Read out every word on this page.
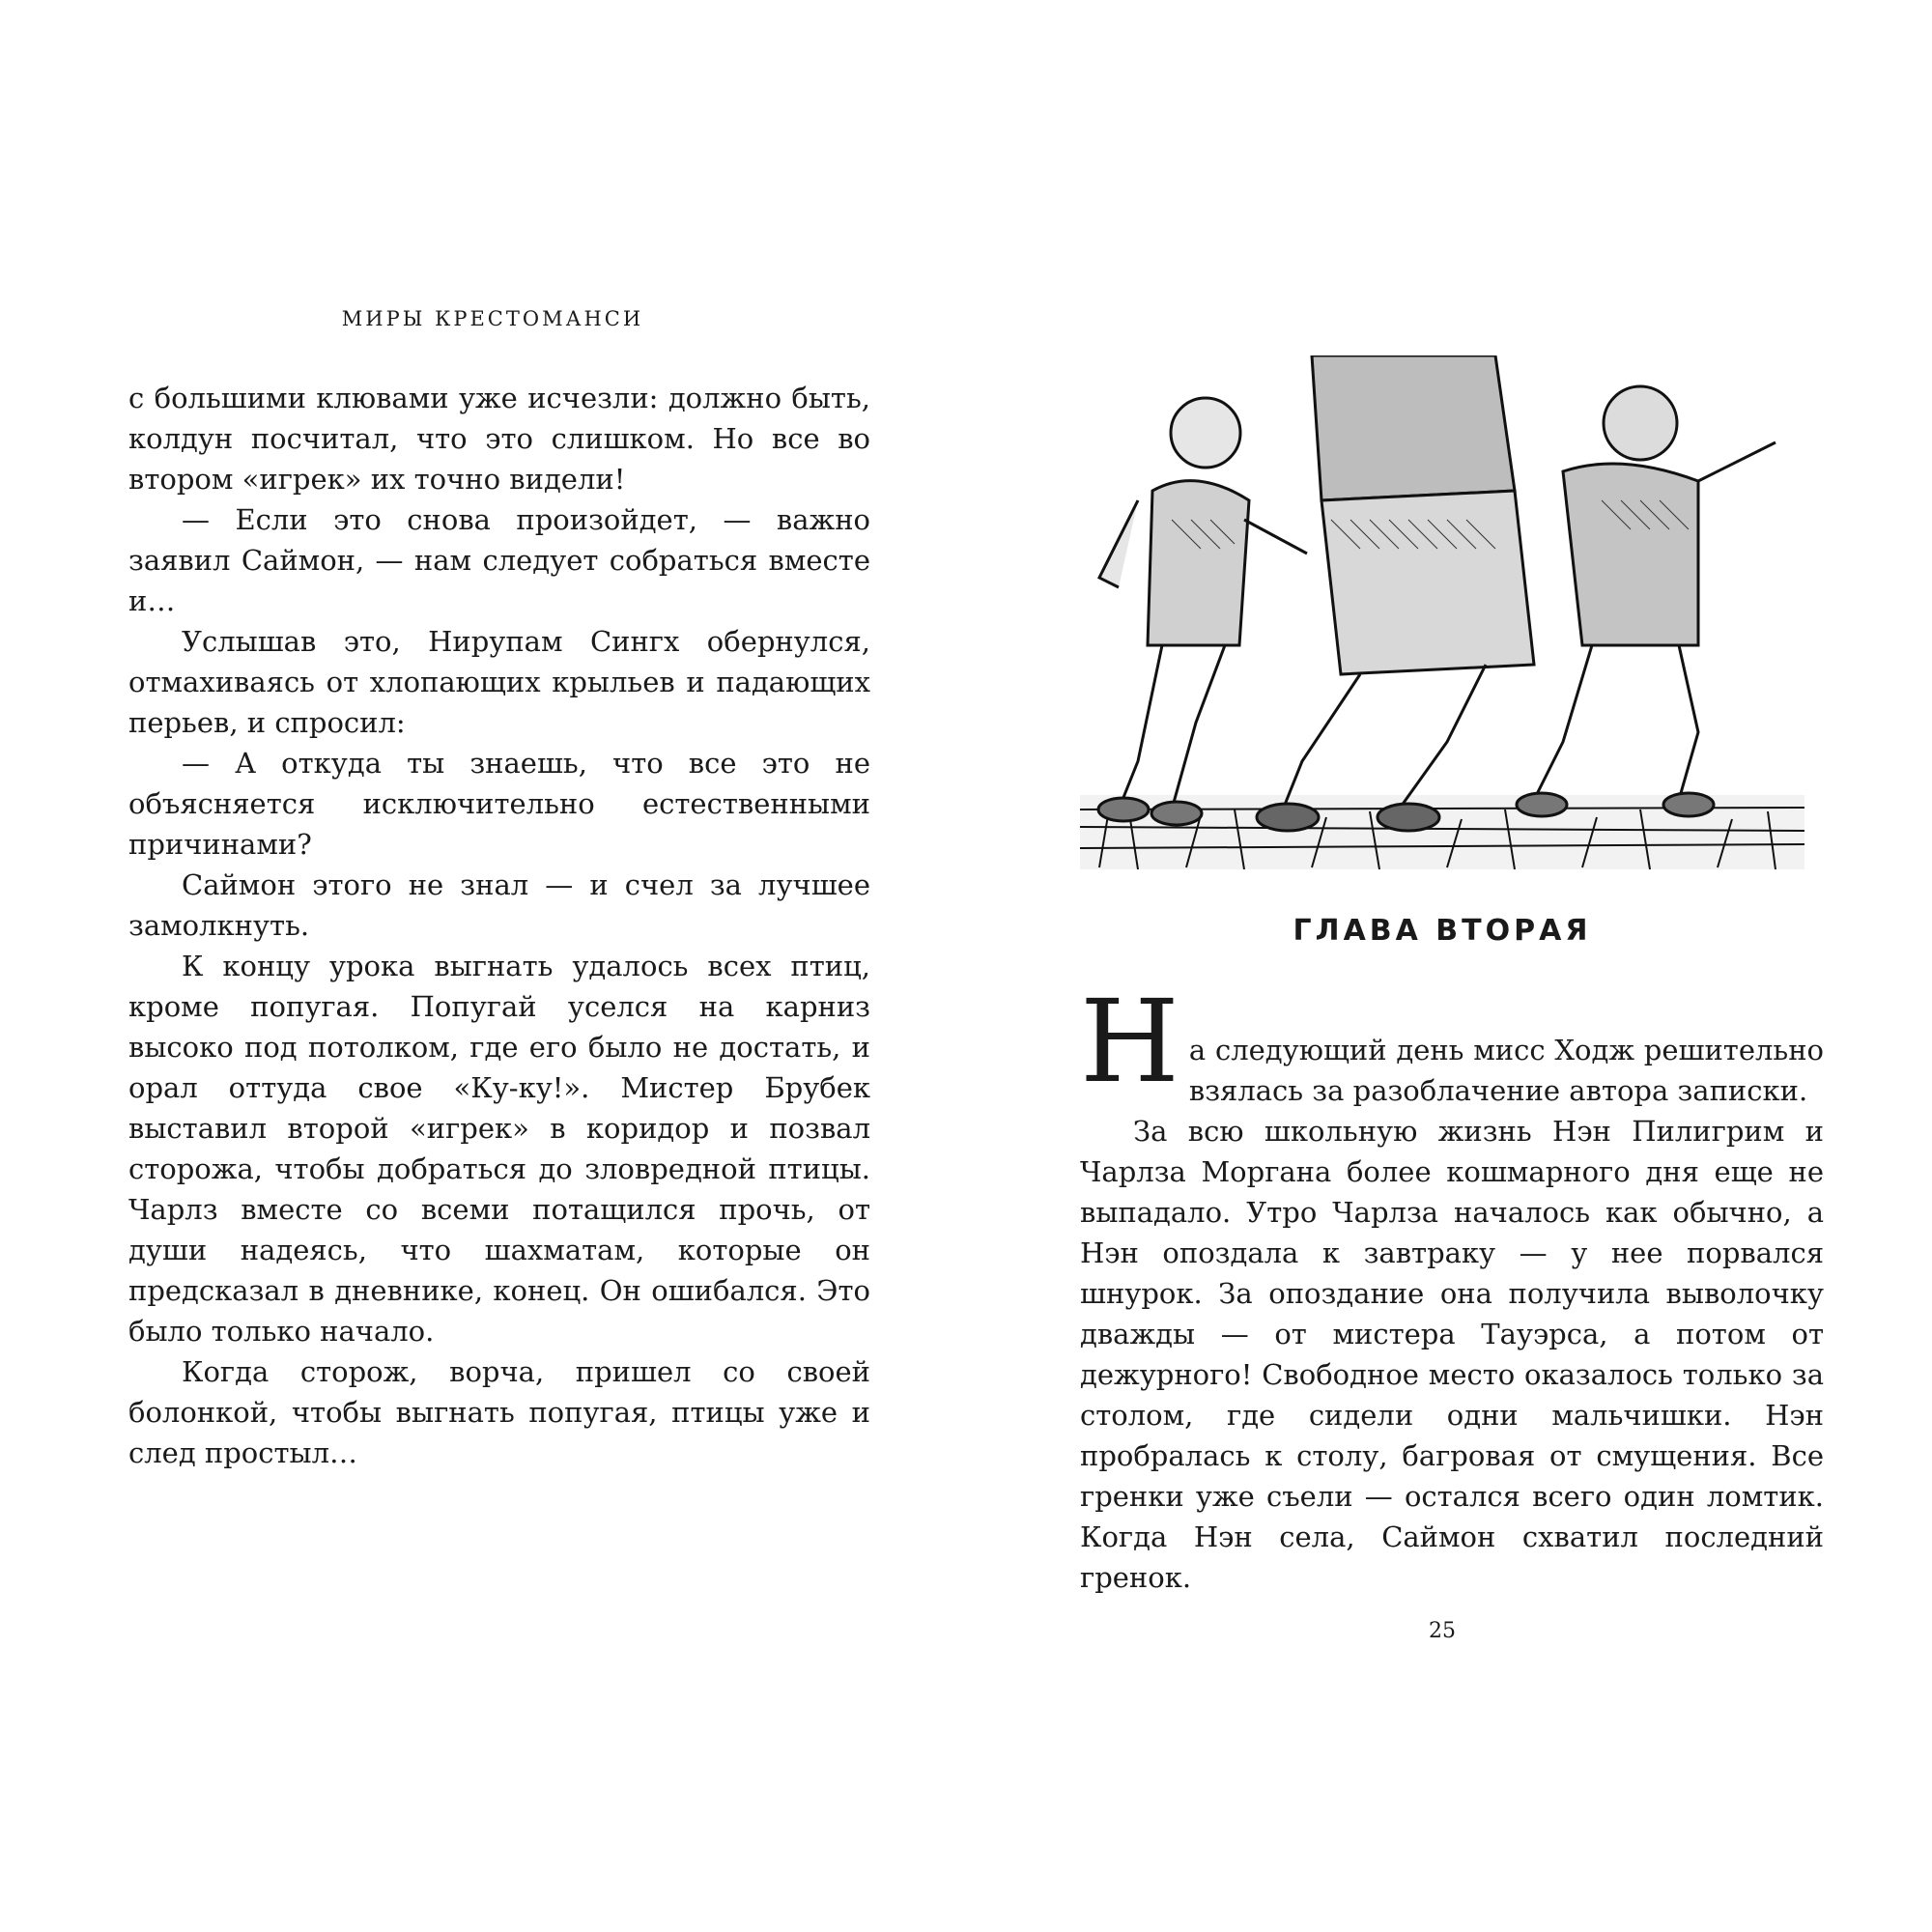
МИРЫ КРЕСТОМАНСИ

с большими клювами уже исчезли: должно быть, колдун посчитал, что это слишком. Но все во втором «игрек» их точно видели!

— Если это снова произойдет, — важно заявил Саймон, — нам следует собраться вместе и…

Услышав это, Нирупам Сингх обернулся, отмахиваясь от хлопающих крыльев и падающих перьев, и спросил:

— А откуда ты знаешь, что все это не объясняется исключительно естественными причинами?

Саймон этого не знал — и счел за лучшее замолкнуть.

К концу урока выгнать удалось всех птиц, кроме попугая. Попугай уселся на карниз высоко под потолком, где его было не достать, и орал оттуда свое «Ку-ку!». Мистер Брубек выставил второй «игрек» в коридор и позвал сторожа, чтобы добраться до зловредной птицы. Чарлз вместе со всеми потащился прочь, от души надеясь, что шахматам, которые он предсказал в дневнике, конец. Он ошибался. Это было только начало.

Когда сторож, ворча, пришел со своей болонкой, чтобы выгнать попугая, птицы уже и след простыл…

ГЛАВА ВТОРАЯ

На следующий день мисс Ходж решительно взялась за разоблачение автора записки.

За всю школьную жизнь Нэн Пилигрим и Чарлза Моргана более кошмарного дня еще не выпадало. Утро Чарлза началось как обычно, а Нэн опоздала к завтраку — у нее порвался шнурок. За опоздание она получила выволочку дважды — от мистера Тауэрса, а потом от дежурного! Свободное место оказалось только за столом, где сидели одни мальчишки. Нэн пробралась к столу, багровая от смущения. Все гренки уже съели — остался всего один ломтик. Когда Нэн села, Саймон схватил последний гренок.

25
